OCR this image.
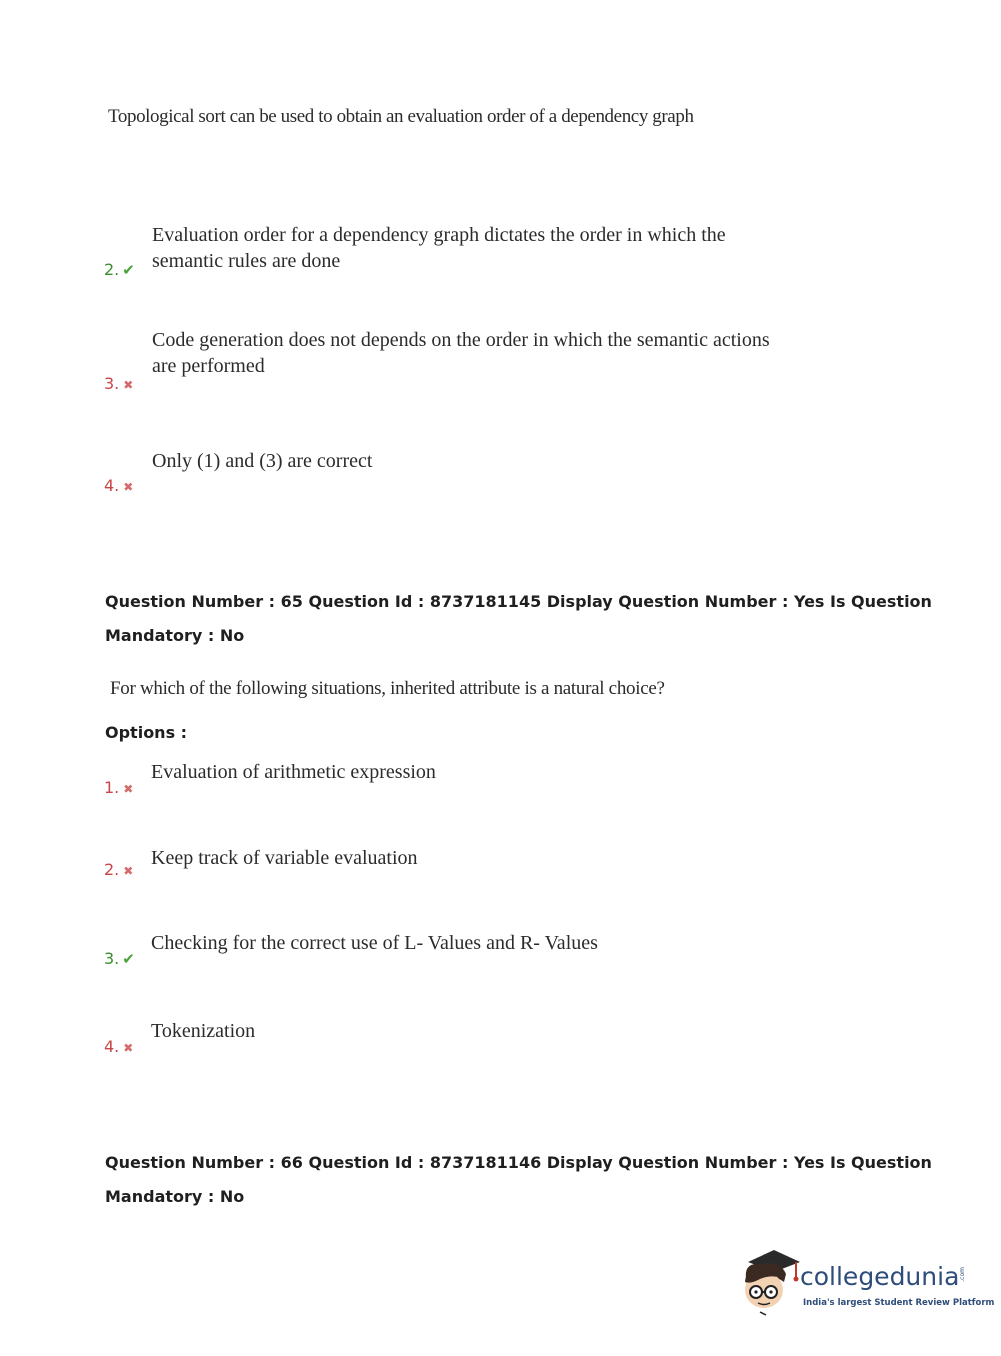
Topological sort can be used to obtain an evaluation order of a dependency graph
Evaluation order for a dependency graph dictates the order in which the
semantic rules are done
2. ✔
Code generation does not depends on the order in which the semantic actions
are performed
3. ✖
Only (1) and (3) are correct
4. ✖
Question Number : 65 Question Id : 8737181145 Display Question Number : Yes Is Question
Mandatory : No
For which of the following situations, inherited attribute is a natural choice?
Options :
Evaluation of arithmetic expression
1. ✖
Keep track of variable evaluation
2. ✖
Checking for the correct use of L- Values and R- Values
3. ✔
Tokenization
4. ✖
Question Number : 66 Question Id : 8737181146 Display Question Number : Yes Is Question
Mandatory : No
collegedunia .com
India's largest Student Review Platform
